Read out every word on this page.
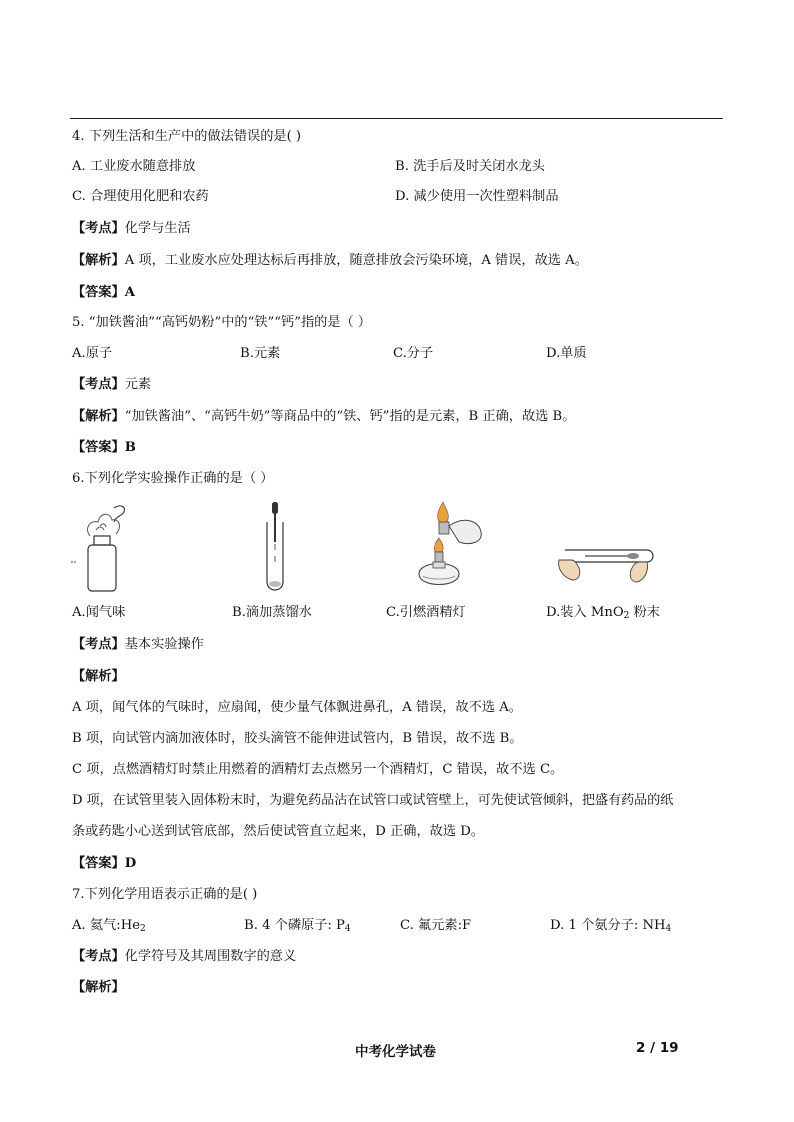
4. 下列生活和生产中的做法错误的是( )
A. 工业废水随意排放	B. 洗手后及时关闭水龙头
C. 合理使用化肥和农药	D. 减少使用一次性塑料制品
【考点】化学与生活
【解析】A 项，工业废水应处理达标后再排放，随意排放会污染环境，A 错误，故选 A。
【答案】A
5. “加铁酱油”“高钙奶粉”中的“铁”“钙”指的是（ ）
A.原子	B.元素	C.分子	D.单质
【考点】元素
【解析】“加铁酱油”、“高钙牛奶”等商品中的“铁、钙”指的是元素，B 正确，故选 B。
【答案】B
6.下列化学实验操作正确的是（ ）
A.闻气味	B.滴加蒸馏水	C.引燃酒精灯	D.装入 MnO$_2$ 粉末
【考点】基本实验操作
【解析】
A 项，闻气体的气味时，应扇闻，使少量气体飘进鼻孔，A 错误，故不选 A。
B 项，向试管内滴加液体时，胶头滴管不能伸进试管内，B 错误，故不选 B。
C 项，点燃酒精灯时禁止用燃着的酒精灯去点燃另一个酒精灯，C 错误，故不选 C。
D 项，在试管里装入固体粉末时，为避免药品沾在试管口或试管壁上，可先使试管倾斜，把盛有药品的纸
条或药匙小心送到试管底部，然后使试管直立起来，D 正确，故选 D。
【答案】D
7.下列化学用语表示正确的是( )
A. 氦气$:He_2$	B. 4 个磷原子: $P_4$	C. 氟元素:F	D. 1 个氨分子: $NH_4$
【考点】化学符号及其周围数字的意义
【解析】
中考化学试卷	2 / 19
